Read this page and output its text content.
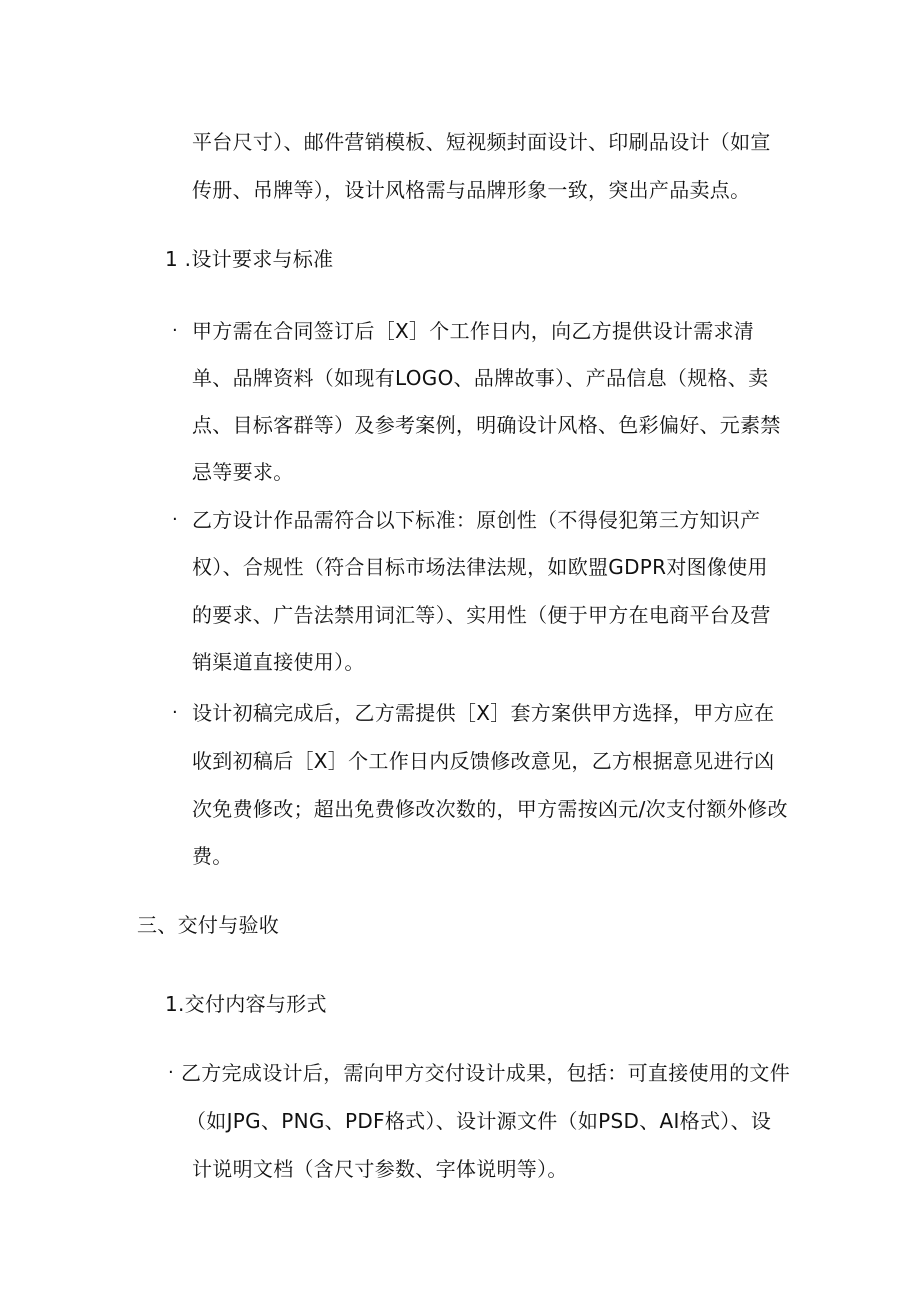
平台尺寸）、邮件营销模板、短视频封面设计、印刷品设计（如宣
传册、吊牌等），设计风格需与品牌形象一致，突出产品卖点。
1 .设计要求与标准
· 甲方需在合同签订后［X］个工作日内，向乙方提供设计需求清
单、品牌资料（如现有LOGO、品牌故事）、产品信息（规格、卖
点、目标客群等）及参考案例，明确设计风格、色彩偏好、元素禁
忌等要求。
· 乙方设计作品需符合以下标准：原创性（不得侵犯第三方知识产
权）、合规性（符合目标市场法律法规，如欧盟GDPR对图像使用
的要求、广告法禁用词汇等）、实用性（便于甲方在电商平台及营
销渠道直接使用）。
· 设计初稿完成后，乙方需提供［X］套方案供甲方选择，甲方应在
收到初稿后［X］个工作日内反馈修改意见，乙方根据意见进行凶
次免费修改；超出免费修改次数的，甲方需按凶元/次支付额外修改
费。
三、交付与验收
1.交付内容与形式
· 乙方完成设计后，需向甲方交付设计成果，包括：可直接使用的文件
（如JPG、PNG、PDF格式）、设计源文件（如PSD、AI格式）、设
计说明文档（含尺寸参数、字体说明等）。
